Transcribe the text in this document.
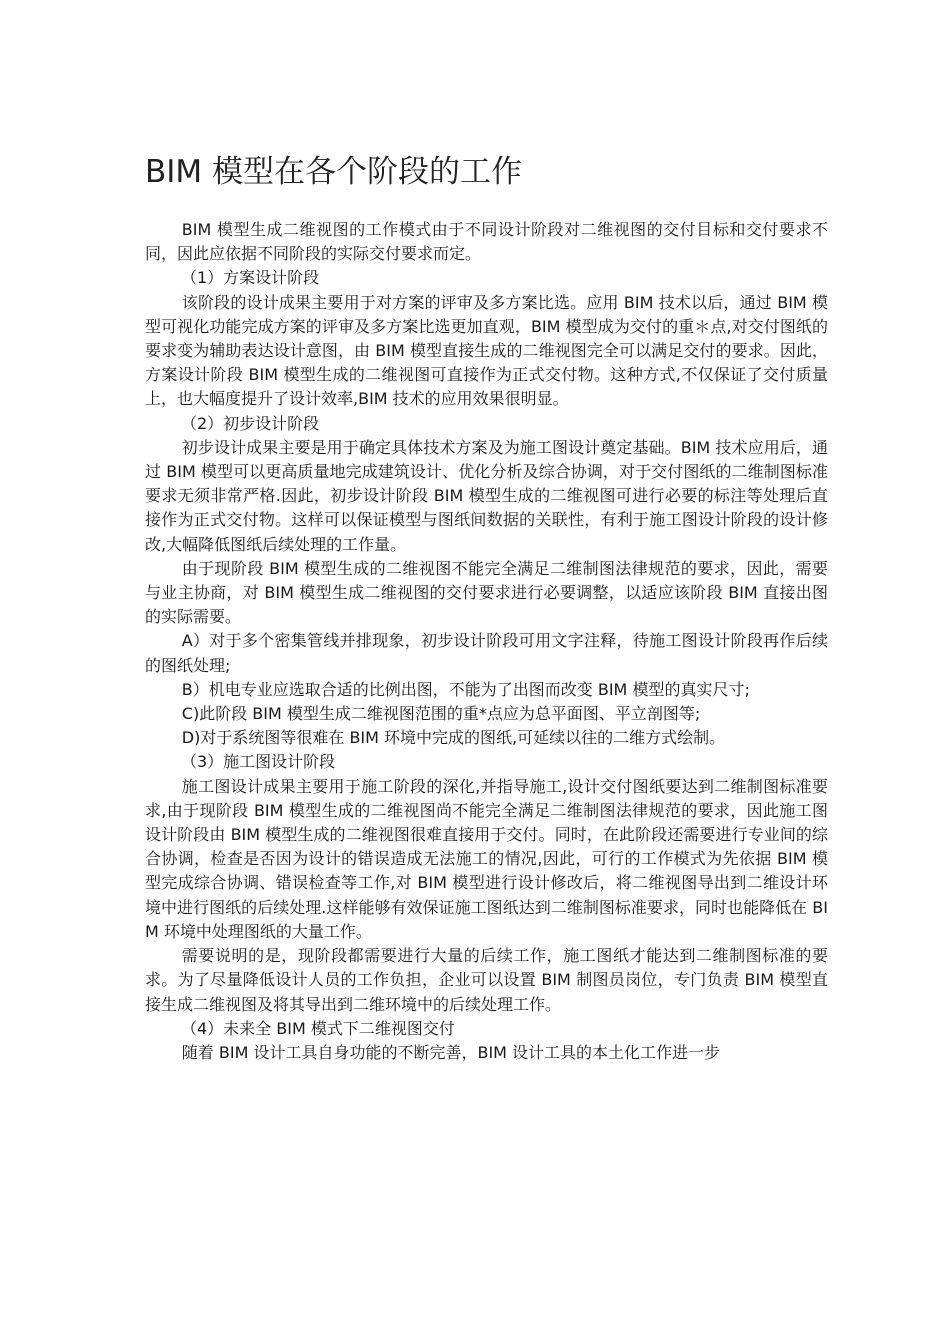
BIM 模型在各个阶段的工作

BIM 模型生成二维视图的工作模式由于不同设计阶段对二维视图的交付目标和交付要求不同，因此应依据不同阶段的实际交付要求而定。

（1）方案设计阶段

该阶段的设计成果主要用于对方案的评审及多方案比选。应用 BIM 技术以后，通过 BIM 模型可视化功能完成方案的评审及多方案比选更加直观，BIM 模型成为交付的重＊点,对交付图纸的要求变为辅助表达设计意图，由 BIM 模型直接生成的二维视图完全可以满足交付的要求。因此，方案设计阶段 BIM 模型生成的二维视图可直接作为正式交付物。这种方式,不仅保证了交付质量上，也大幅度提升了设计效率,BIM 技术的应用效果很明显。

（2）初步设计阶段

初步设计成果主要是用于确定具体技术方案及为施工图设计奠定基础。BIM 技术应用后，通过 BIM 模型可以更高质量地完成建筑设计、优化分析及综合协调，对于交付图纸的二维制图标准要求无须非常严格.因此，初步设计阶段 BIM 模型生成的二维视图可进行必要的标注等处理后直接作为正式交付物。这样可以保证模型与图纸间数据的关联性，有利于施工图设计阶段的设计修改,大幅降低图纸后续处理的工作量。

由于现阶段 BIM 模型生成的二维视图不能完全满足二维制图法律规范的要求，因此，需要与业主协商，对 BIM 模型生成二维视图的交付要求进行必要调整，以适应该阶段 BIM 直接出图的实际需要。

A）对于多个密集管线并排现象，初步设计阶段可用文字注释，待施工图设计阶段再作后续的图纸处理;

B）机电专业应选取合适的比例出图，不能为了出图而改变 BIM 模型的真实尺寸;

C)此阶段 BIM 模型生成二维视图范围的重*点应为总平面图、平立剖图等;

D)对于系统图等很难在 BIM 环境中完成的图纸,可延续以往的二维方式绘制。

（3）施工图设计阶段

施工图设计成果主要用于施工阶段的深化,并指导施工,设计交付图纸要达到二维制图标准要求,由于现阶段 BIM 模型生成的二维视图尚不能完全满足二维制图法律规范的要求，因此施工图设计阶段由 BIM 模型生成的二维视图很难直接用于交付。同时，在此阶段还需要进行专业间的综合协调，检查是否因为设计的错误造成无法施工的情况,因此，可行的工作模式为先依据 BIM 模型完成综合协调、错误检查等工作,对 BIM 模型进行设计修改后，将二维视图导出到二维设计环境中进行图纸的后续处理.这样能够有效保证施工图纸达到二维制图标准要求，同时也能降低在 BIM 环境中处理图纸的大量工作。

需要说明的是，现阶段都需要进行大量的后续工作，施工图纸才能达到二维制图标准的要求。为了尽量降低设计人员的工作负担，企业可以设置 BIM 制图员岗位，专门负责 BIM 模型直接生成二维视图及将其导出到二维环境中的后续处理工作。

（4）未来全 BIM 模式下二维视图交付

随着 BIM 设计工具自身功能的不断完善，BIM 设计工具的本土化工作进一步
